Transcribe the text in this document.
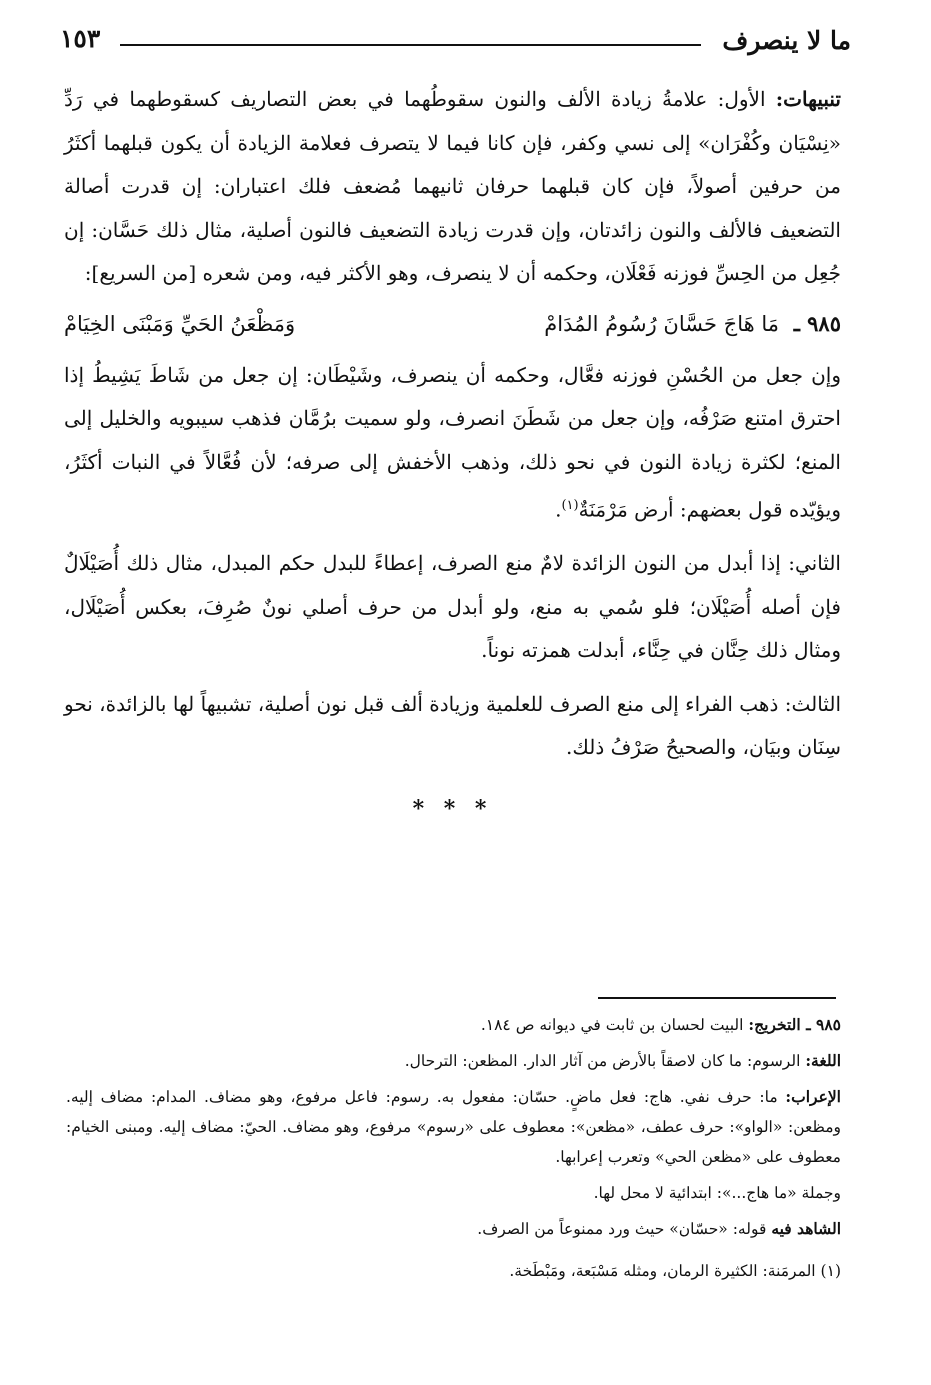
ما لا ينصرف
١٥٣

تنبيهات: الأول: علامةُ زيادة الألف والنون سقوطُهما في بعض التصاريف كسقوطهما في رَدِّ «نِسْيَان وكُفْرَان» إلى نسي وكفر، فإن كانا فيما لا يتصرف فعلامة الزيادة أن يكون قبلهما أكثَرُ من حرفين أصولاً، فإن كان قبلهما حرفان ثانيهما مُضعف فلك اعتباران: إن قدرت أصالة التضعيف فالألف والنون زائدتان، وإن قدرت زيادة التضعيف فالنون أصلية، مثال ذلك حَسَّان: إن جُعِل من الحِسِّ فوزنه فَعْلَان، وحكمه أن لا ينصرف، وهو الأكثر فيه، ومن شعره [من السريع]:

٩٨٥ ـ مَا هَاجَ حَسَّانَ رُسُومُ المُدَامْ
وَمَظْعَنُ الحَيِّ وَمَبْنَى الخِيَامْ

وإن جعل من الحُسْنِ فوزنه فعَّال، وحكمه أن ينصرف، وشَيْطَان: إن جعل من شَاطَ يَشِيطُ إذا احترق امتنع صَرْفُه، وإن جعل من شَطَنَ انصرف، ولو سميت برُمَّان فذهب سيبويه والخليل إلى المنع؛ لكثرة زيادة النون في نحو ذلك، وذهب الأخفش إلى صرفه؛ لأن فُعَّالاً في النبات أكثَرُ، ويؤيّده قول بعضهم: أرض مَرْمَنَةٌ$^{(١)}$.

الثاني: إذا أبدل من النون الزائدة لامٌ منع الصرف، إعطاءً للبدل حكم المبدل، مثال ذلك أُصَيْلَالٌ فإن أصله أُصَيْلَان؛ فلو سُمي به منع، ولو أبدل من حرف أصلي نونٌ صُرِفَ، بعكس أُصَيْلَال، ومثال ذلك حِنَّان في حِنَّاء، أبدلت همزته نوناً.

الثالث: ذهب الفراء إلى منع الصرف للعلمية وزيادة ألف قبل نون أصلية، تشبيهاً لها بالزائدة، نحو سِنَان وبيَان، والصحيحُ صَرْفُ ذلك.

* * *

٩٨٥ ـ التخريج: البيت لحسان بن ثابت في ديوانه ص ١٨٤.

اللغة: الرسوم: ما كان لاصقاً بالأرض من آثار الدار. المظعن: الترحال.

الإعراب: ما: حرف نفي. هاج: فعل ماضٍ. حسّان: مفعول به. رسوم: فاعل مرفوع، وهو مضاف. المدام: مضاف إليه. ومظعن: «الواو»: حرف عطف، «مظعن»: معطوف على «رسوم» مرفوع، وهو مضاف. الحيّ: مضاف إليه. ومبنى الخيام: معطوف على «مظعن الحي» وتعرب إعرابها.

وجملة «ما هاج...»: ابتدائية لا محل لها.

الشاهد فيه قوله: «حسّان» حيث ورد ممنوعاً من الصرف.

(١) المرمَنة: الكثيرة الرمان، ومثله مَسْبَعة، ومَبْطَخة.
